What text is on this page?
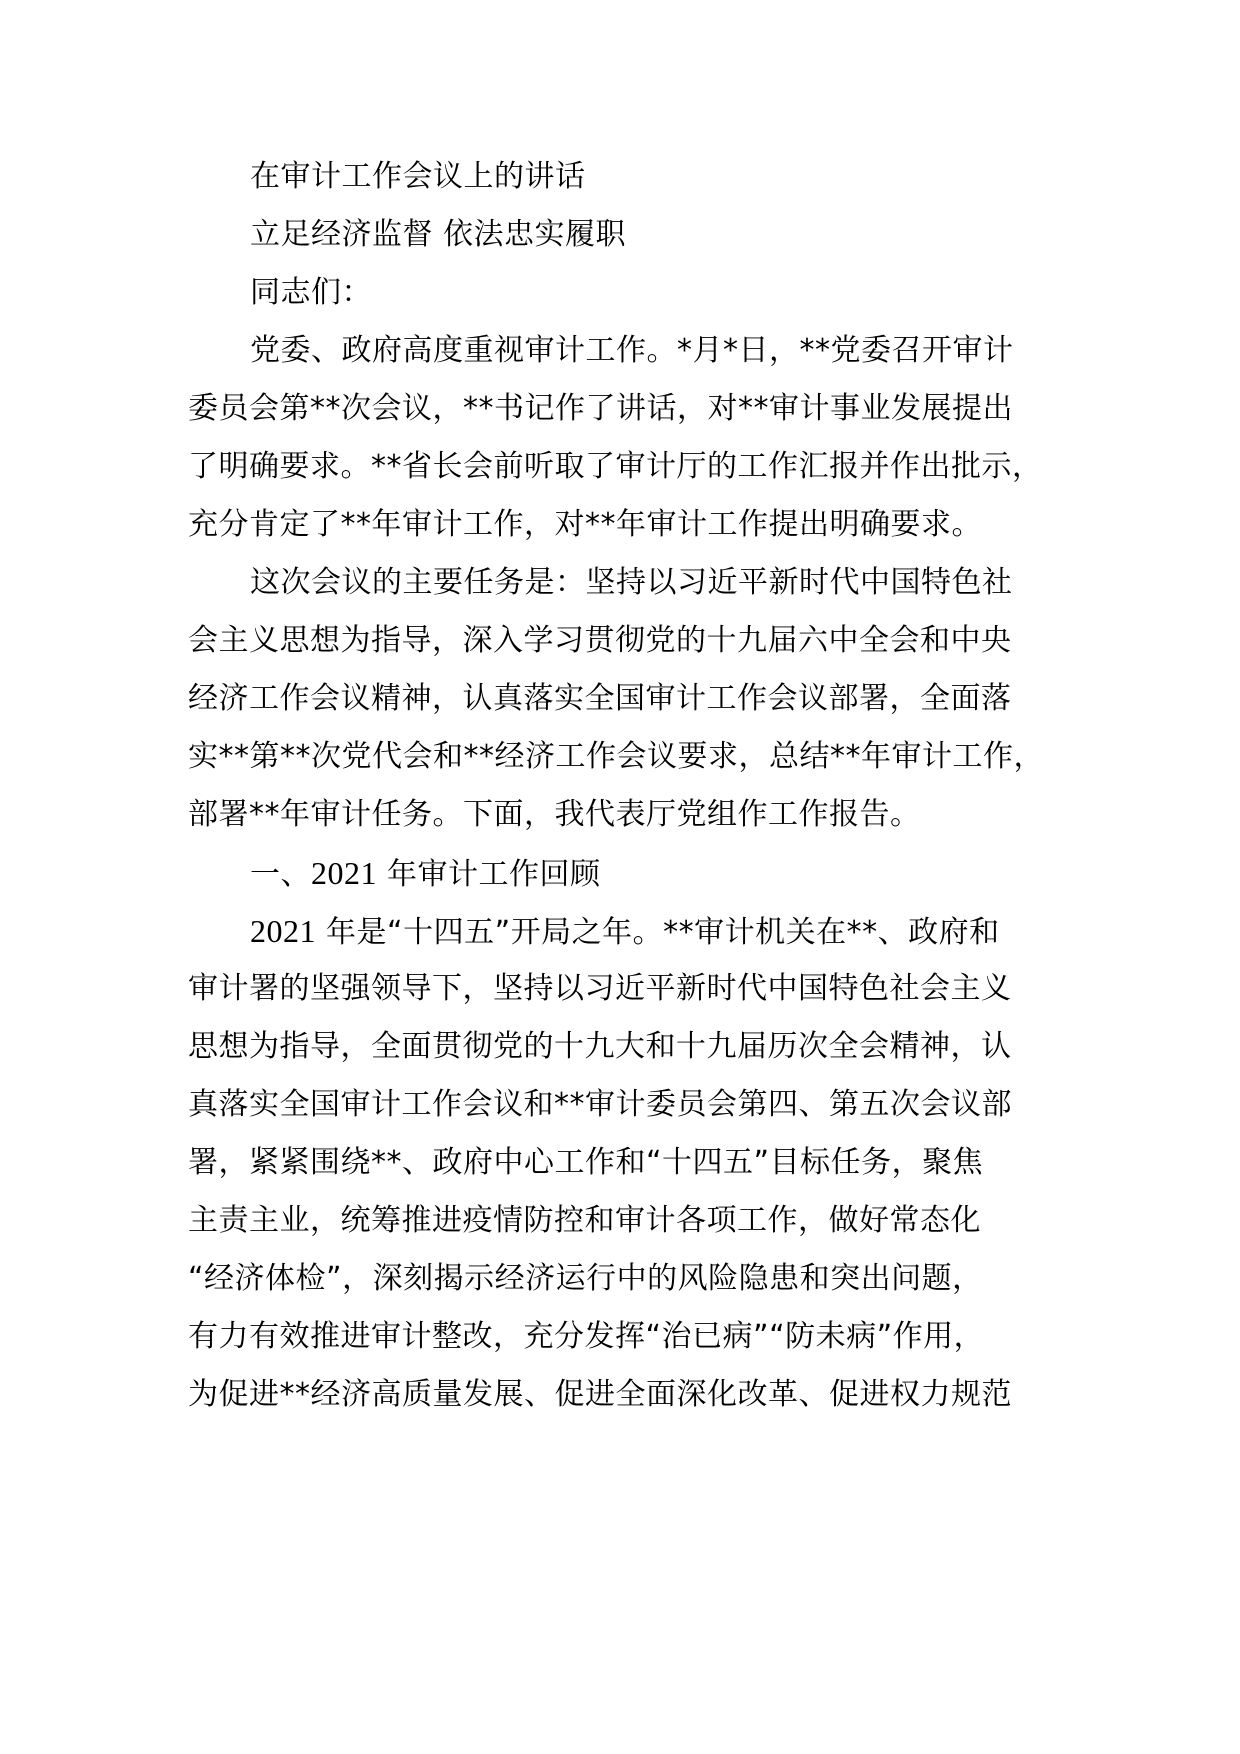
在审计工作会议上的讲话
立足经济监督 依法忠实履职
同志们：
党委、政府高度重视审计工作。*月*日，**党委召开审计
委员会第**次会议，**书记作了讲话，对**审计事业发展提出
了明确要求。**省长会前听取了审计厅的工作汇报并作出批示，
充分肯定了**年审计工作，对**年审计工作提出明确要求。
这次会议的主要任务是：坚持以习近平新时代中国特色社
会主义思想为指导，深入学习贯彻党的十九届六中全会和中央
经济工作会议精神，认真落实全国审计工作会议部署，全面落
实**第**次党代会和**经济工作会议要求，总结**年审计工作，
部署**年审计任务。下面，我代表厅党组作工作报告。
一、2021 年审计工作回顾
2021 年是“十四五”开局之年。**审计机关在**、政府和
审计署的坚强领导下，坚持以习近平新时代中国特色社会主义
思想为指导，全面贯彻党的十九大和十九届历次全会精神，认
真落实全国审计工作会议和**审计委员会第四、第五次会议部
署，紧紧围绕**、政府中心工作和“十四五”目标任务，聚焦
主责主业，统筹推进疫情防控和审计各项工作，做好常态化
“经济体检”，深刻揭示经济运行中的风险隐患和突出问题，
有力有效推进审计整改，充分发挥“治已病”“防未病”作用，
为促进**经济高质量发展、促进全面深化改革、促进权力规范
